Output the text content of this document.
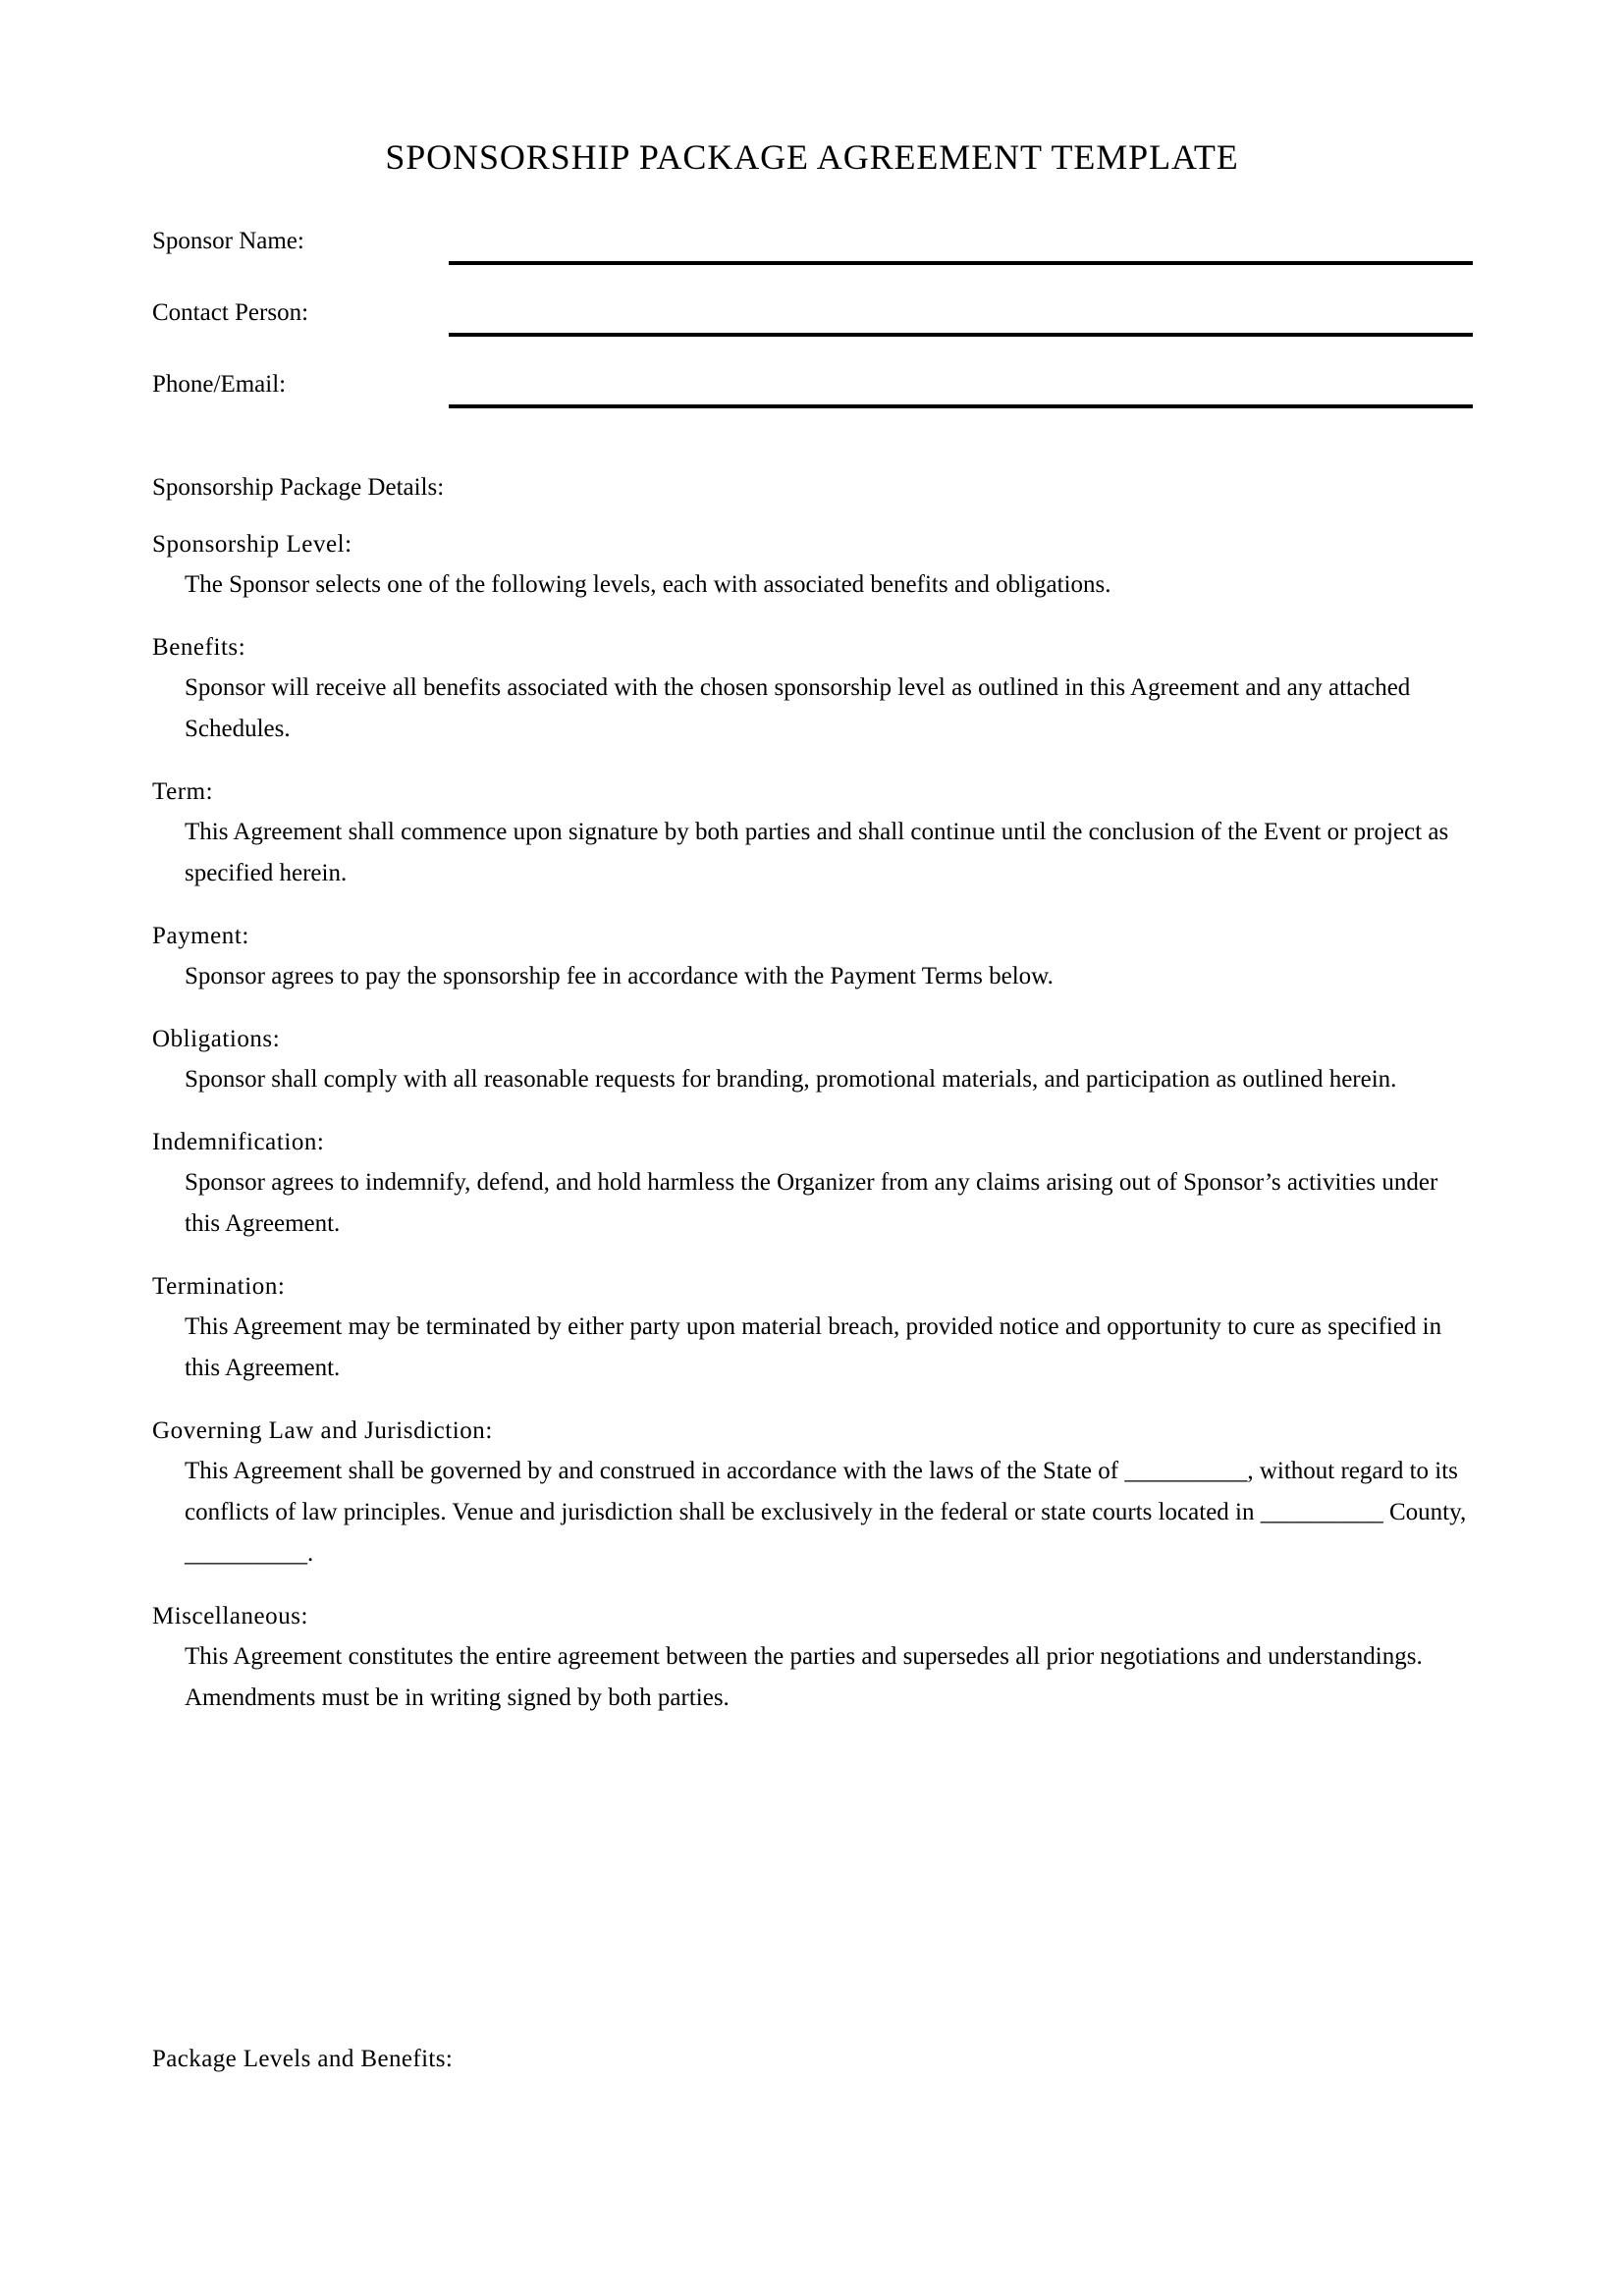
SPONSORSHIP PACKAGE AGREEMENT TEMPLATE
Sponsor Name:
Contact Person:
Phone/Email:

Sponsorship Package Details:

Sponsorship Level:

The Sponsor selects one of the following levels, each with associated benefits and obligations.

Benefits:

Sponsor will receive all benefits associated with the chosen sponsorship level as outlined in this Agreement and any attached Schedules.

Term:

This Agreement shall commence upon signature by both parties and shall continue until the conclusion of the Event or project as specified herein.

Payment:

Sponsor agrees to pay the sponsorship fee in accordance with the Payment Terms below.

Obligations:

Sponsor shall comply with all reasonable requests for branding, promotional materials, and participation as outlined herein.

Indemnification:

Sponsor agrees to indemnify, defend, and hold harmless the Organizer from any claims arising out of Sponsor’s activities under this Agreement.

Termination:

This Agreement may be terminated by either party upon material breach, provided notice and opportunity to cure as specified in this Agreement.

Governing Law and Jurisdiction:

This Agreement shall be governed by and construed in accordance with the laws of the State of __________, without regard to its conflicts of law principles. Venue and jurisdiction shall be exclusively in the federal or state courts located in __________ County, __________.

Miscellaneous:

This Agreement constitutes the entire agreement between the parties and supersedes all prior negotiations and understandings. Amendments must be in writing signed by both parties.

Package Levels and Benefits:
